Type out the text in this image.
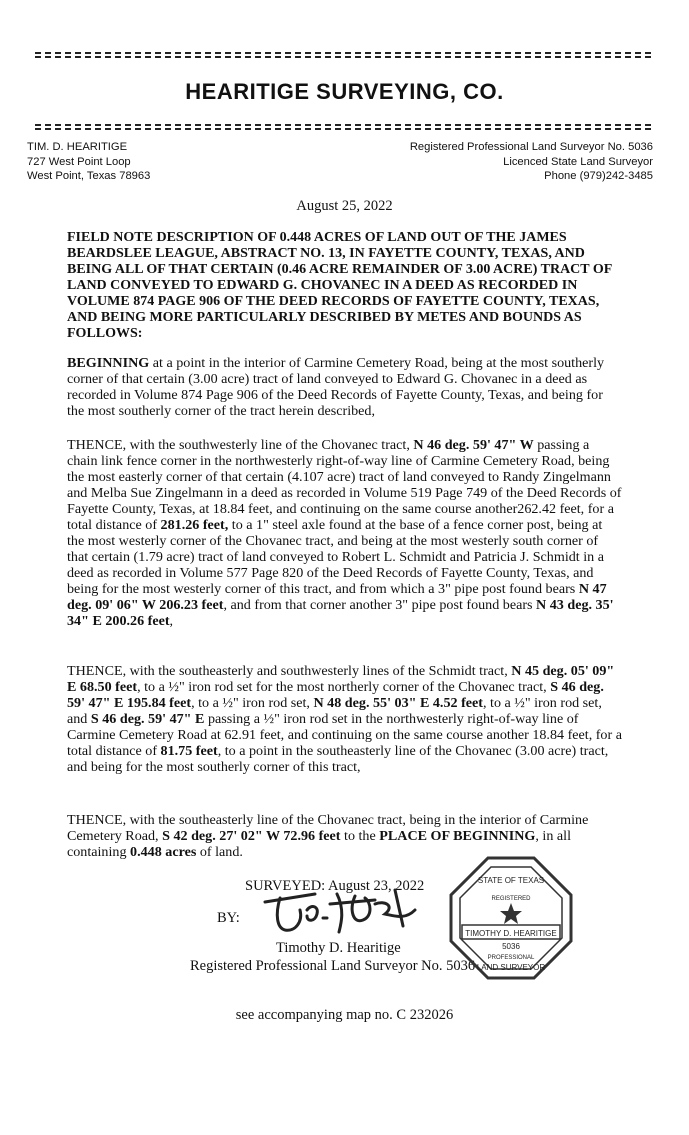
HEARITIGE SURVEYING, CO.
TIM. D. HEARITIGE
727 West Point Loop
West Point, Texas 78963
Registered Professional Land Surveyor No. 5036
Licenced State Land Surveyor
Phone (979)242-3485
August 25, 2022
FIELD NOTE DESCRIPTION OF 0.448 ACRES OF LAND OUT OF THE JAMES BEARDSLEE LEAGUE, ABSTRACT NO. 13, IN FAYETTE COUNTY, TEXAS, AND BEING ALL OF THAT CERTAIN (0.46 ACRE REMAINDER OF 3.00 ACRE) TRACT OF LAND CONVEYED TO EDWARD G. CHOVANEC IN A DEED AS RECORDED IN VOLUME 874 PAGE 906 OF THE DEED RECORDS OF FAYETTE COUNTY, TEXAS, AND BEING MORE PARTICULARLY DESCRIBED BY METES AND BOUNDS AS FOLLOWS:

BEGINNING at a point in the interior of Carmine Cemetery Road, being at the most southerly corner of that certain (3.00 acre) tract of land conveyed to Edward G. Chovanec in a deed as recorded in Volume 874 Page 906 of the Deed Records of Fayette County, Texas, and being for the most southerly corner of the tract herein described,

THENCE, with the southwesterly line of the Chovanec tract, N 46 deg. 59' 47" W passing a chain link fence corner in the northwesterly right-of-way line of Carmine Cemetery Road, being the most easterly corner of that certain (4.107 acre) tract of land conveyed to Randy Zingelmann and Melba Sue Zingelmann in a deed as recorded in Volume 519 Page 749 of the Deed Records of Fayette County, Texas, at 18.84 feet, and continuing on the same course another262.42 feet, for a total distance of 281.26 feet, to a 1" steel axle found at the base of a fence corner post, being at the most westerly corner of the Chovanec tract, and being at the most westerly south corner of that certain (1.79 acre) tract of land conveyed to Robert L. Schmidt and Patricia J. Schmidt in a deed as recorded in Volume 577 Page 820 of the Deed Records of Fayette County, Texas, and being for the most westerly corner of this tract, and from which a 3" pipe post found bears N 47 deg. 09' 06" W 206.23 feet, and from that corner another 3" pipe post found bears N 43 deg. 35' 34" E 200.26 feet,

THENCE, with the southeasterly and southwesterly lines of the Schmidt tract, N 45 deg. 05' 09" E 68.50 feet, to a ½" iron rod set for the most northerly corner of the Chovanec tract, S 46 deg. 59' 47" E 195.84 feet, to a ½" iron rod set, N 48 deg. 55' 03" E 4.52 feet, to a ½" iron rod set, and S 46 deg. 59' 47" E passing a ½" iron rod set in the northwesterly right-of-way line of Carmine Cemetery Road at 62.91 feet, and continuing on the same course another 18.84 feet, for a total distance of 81.75 feet, to a point in the southeasterly line of the Chovanec (3.00 acre) tract, and being for the most southerly corner of this tract,

THENCE, with the southeasterly line of the Chovanec tract, being in the interior of Carmine Cemetery Road, S 42 deg. 27' 02" W 72.96 feet to the PLACE OF BEGINNING, in all containing 0.448 acres of land.

SURVEYED: August 23, 2022
BY:
Timothy D. Hearitige
Registered Professional Land Surveyor No. 5036
STATE OF TEXAS
REGISTERED
TIMOTHY D. HEARITIGE
5036
PROFESSIONAL
LAND SURVEYOR
see accompanying map no. C 232026
